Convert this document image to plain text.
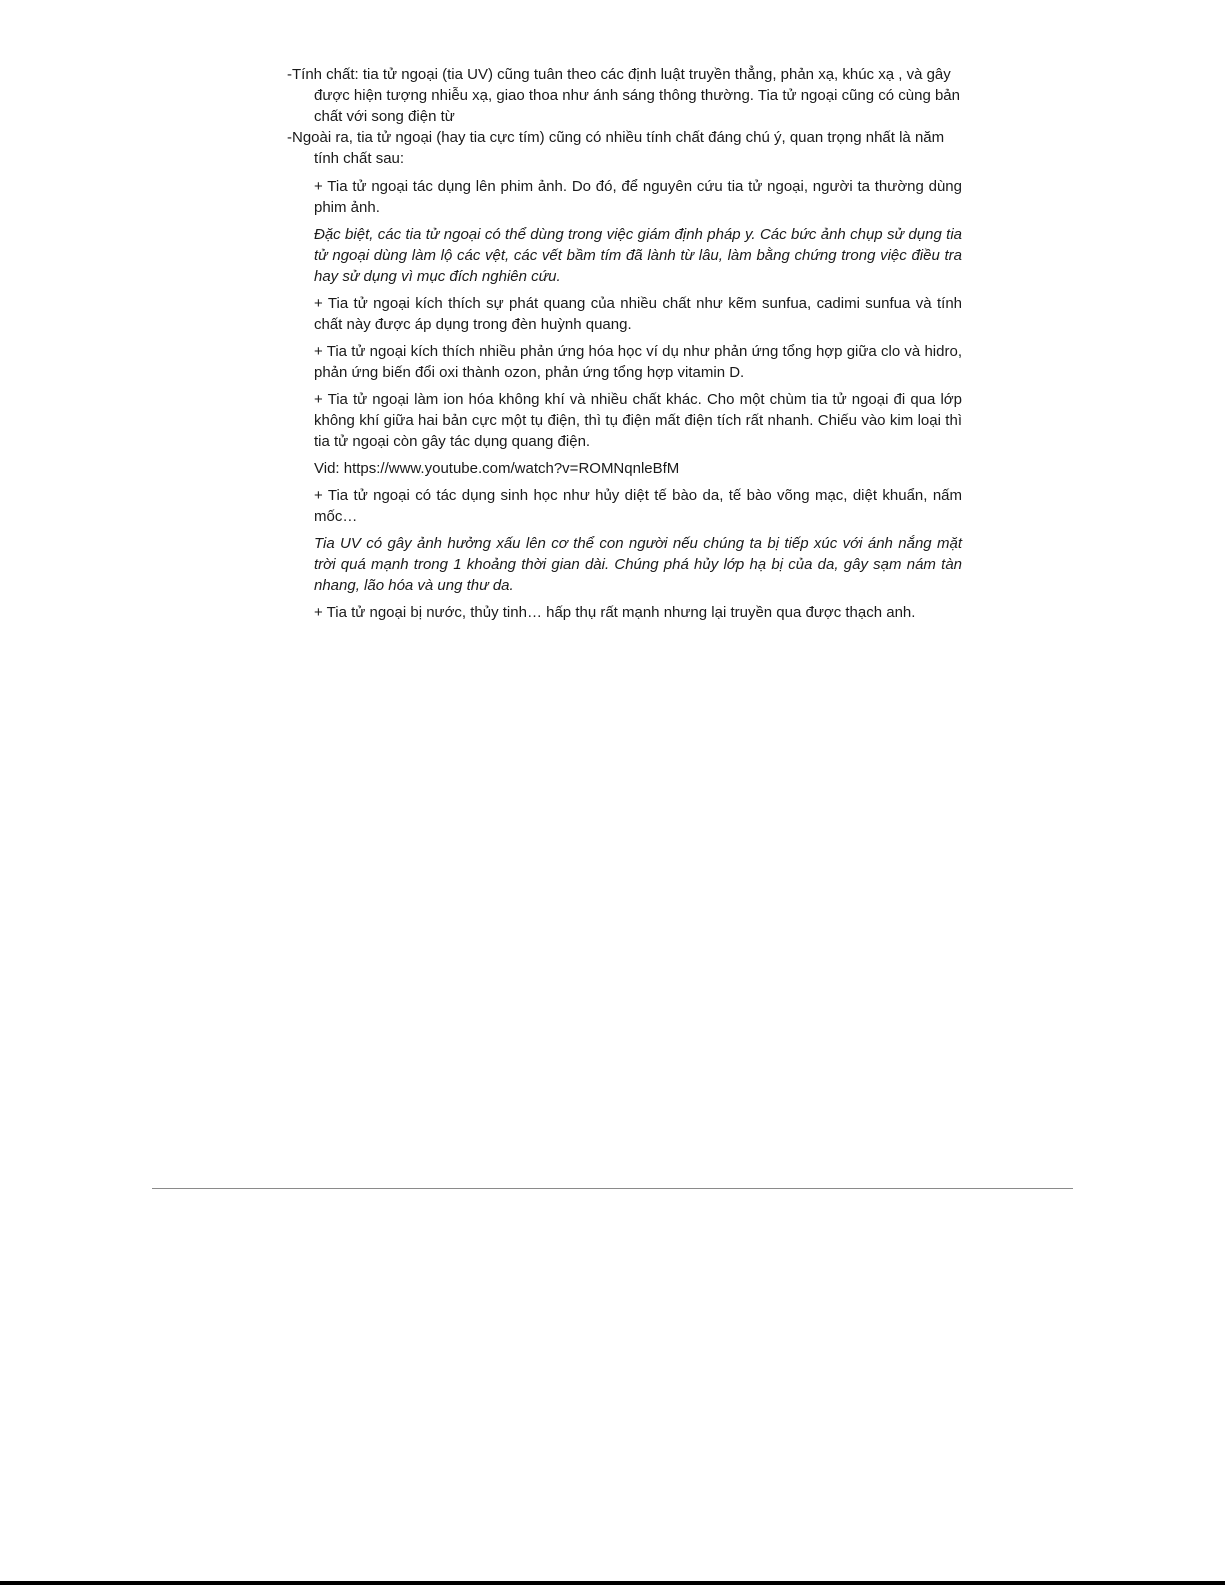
-Tính chất: tia tử ngoại (tia UV) cũng tuân theo các định luật truyền thẳng, phản xạ, khúc xạ , và gây được hiện tượng nhiễu xạ, giao thoa như ánh sáng thông thường. Tia tử ngoại cũng có cùng bản chất với song điện từ

-Ngoài ra, tia tử ngoại (hay tia cực tím) cũng có nhiều tính chất đáng chú ý, quan trọng nhất là năm tính chất sau:

+ Tia tử ngoại tác dụng lên phim ảnh. Do đó, để nguyên cứu tia tử ngoại, người ta thường dùng phim ảnh.

Đặc biệt, các tia tử ngoại có thể dùng trong việc giám định pháp y. Các bức ảnh chụp sử dụng tia tử ngoại dùng làm lộ các vệt, các vết bầm tím đã lành từ lâu, làm bằng chứng trong việc điều tra hay sử dụng vì mục đích nghiên cứu.

+ Tia tử ngoại kích thích sự phát quang của nhiều chất như kẽm sunfua, cadimi sunfua và tính chất này được áp dụng trong đèn huỳnh quang.

+ Tia tử ngoại kích thích nhiều phản ứng hóa học ví dụ như phản ứng tổng hợp giữa clo và hidro, phản ứng biến đổi oxi thành ozon, phản ứng tổng hợp vitamin D.

+ Tia tử ngoại làm ion hóa không khí và nhiều chất khác. Cho một chùm tia tử ngoại đi qua lớp không khí giữa hai bản cực một tụ điện, thì tụ điện mất điện tích rất nhanh. Chiếu vào kim loại thì tia tử ngoại còn gây tác dụng quang điện.

Vid: https://www.youtube.com/watch?v=ROMNqnleBfM

+ Tia tử ngoại có tác dụng sinh học như hủy diệt tế bào da, tế bào võng mạc, diệt khuẩn, nấm mốc…

Tia UV có gây ảnh hưởng xấu lên cơ thể con người nếu chúng ta bị tiếp xúc với ánh nắng mặt trời quá mạnh trong 1 khoảng thời gian dài. Chúng phá hủy lớp hạ bị của da, gây sạm nám tàn nhang, lão hóa và ung thư da.

+ Tia tử ngoại bị nước, thủy tinh… hấp thụ rất mạnh nhưng lại truyền qua được thạch anh.
